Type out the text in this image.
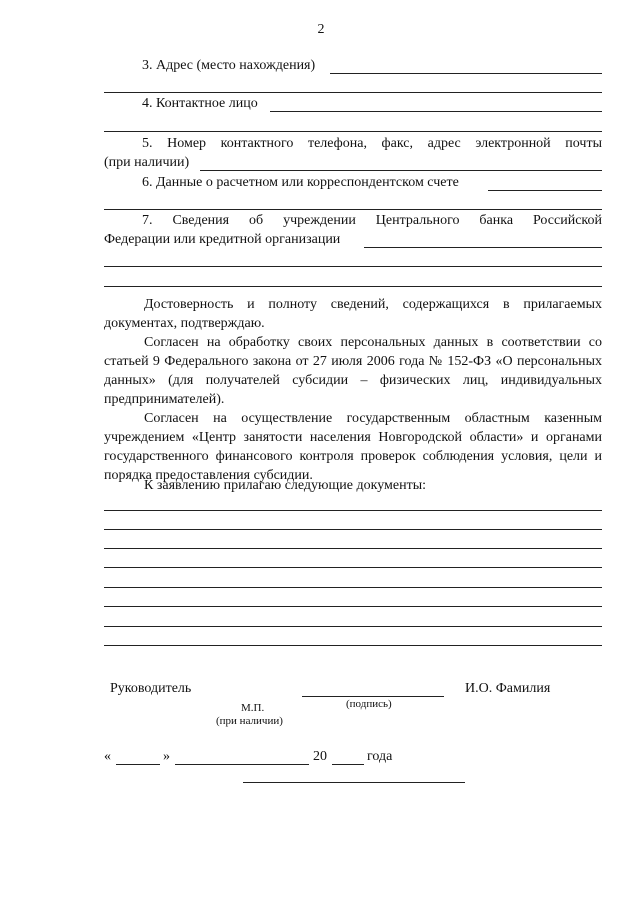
2
3. Адрес (место нахождения)
4. Контактное лицо
5. Номер контактного телефона, факс, адрес электронной почты
(при наличии)
6. Данные о расчетном или корреспондентском счете
7. Сведения об учреждении Центрального банка Российской
Федерации или кредитной организации
Достоверность и полноту сведений, содержащихся в прилагаемых документах, подтверждаю.
Согласен на обработку своих персональных данных в соответствии со статьей 9 Федерального закона от 27 июля 2006 года № 152-ФЗ «О персональных данных» (для получателей субсидии – физических лиц, индивидуальных предпринимателей).
Согласен на осуществление государственным областным казенным учреждением «Центр занятости населения Новгородской области» и органами государственного финансового контроля проверок соблюдения условия, цели и порядка предоставления субсидии.
К заявлению прилагаю следующие документы:
Руководитель
(подпись)
И.О. Фамилия
М.П.
(при наличии)
«	»	20	года
